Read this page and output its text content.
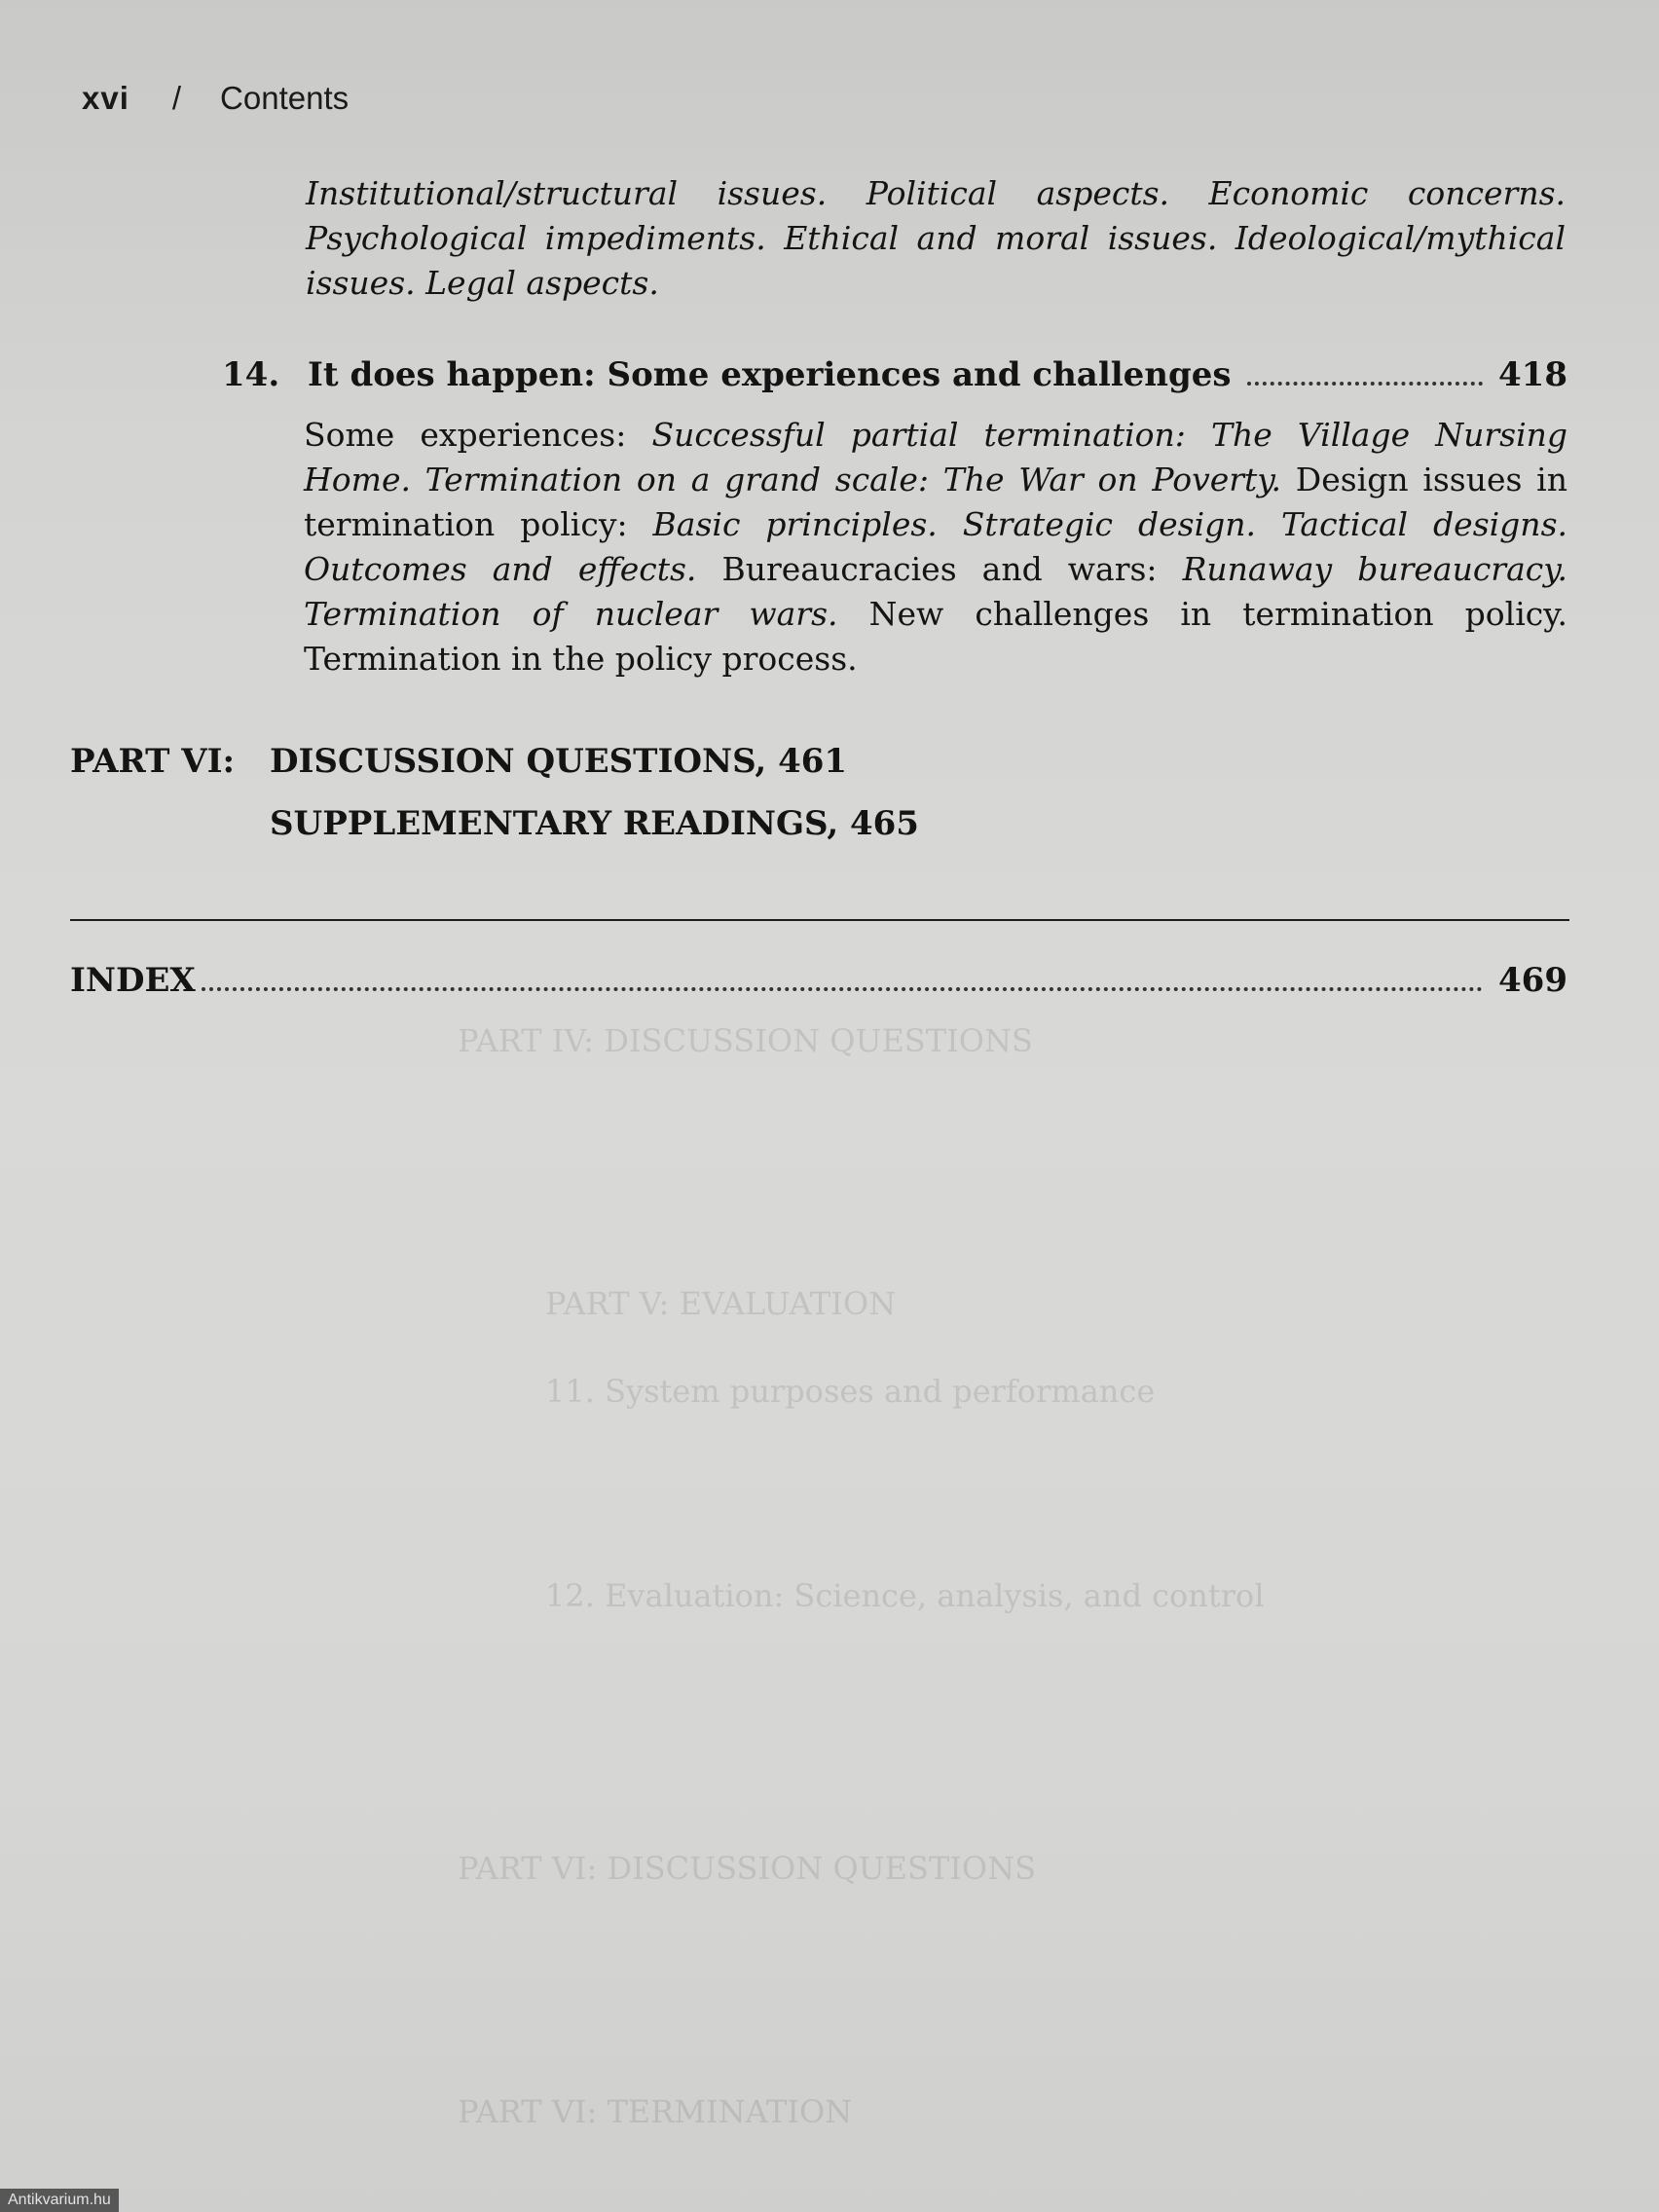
PART IV: DISCUSSION QUESTIONS
PART V: EVALUATION
11. System purposes and performance
12. Evaluation: Science, analysis, and control
PART VI: DISCUSSION QUESTIONS
PART VI: TERMINATION
xvi / Contents
Institutional/structural issues. Political aspects. Economic concerns. Psychological impediments. Ethical and moral issues. Ideological/mythical issues. Legal aspects.
14. It does happen: Some experiences and challenges	418
Some experiences: Successful partial termination: The Village Nursing Home. Termination on a grand scale: The War on Poverty. Design issues in termination policy: Basic principles. Strategic design. Tactical designs. Outcomes and effects. Bureaucracies and wars: Runaway bureaucracy. Termination of nuclear wars. New challenges in termination policy. Termination in the policy process.
PART VI:	DISCUSSION QUESTIONS, 461
SUPPLEMENTARY READINGS, 465
INDEX	469
Antikvarium.hu
